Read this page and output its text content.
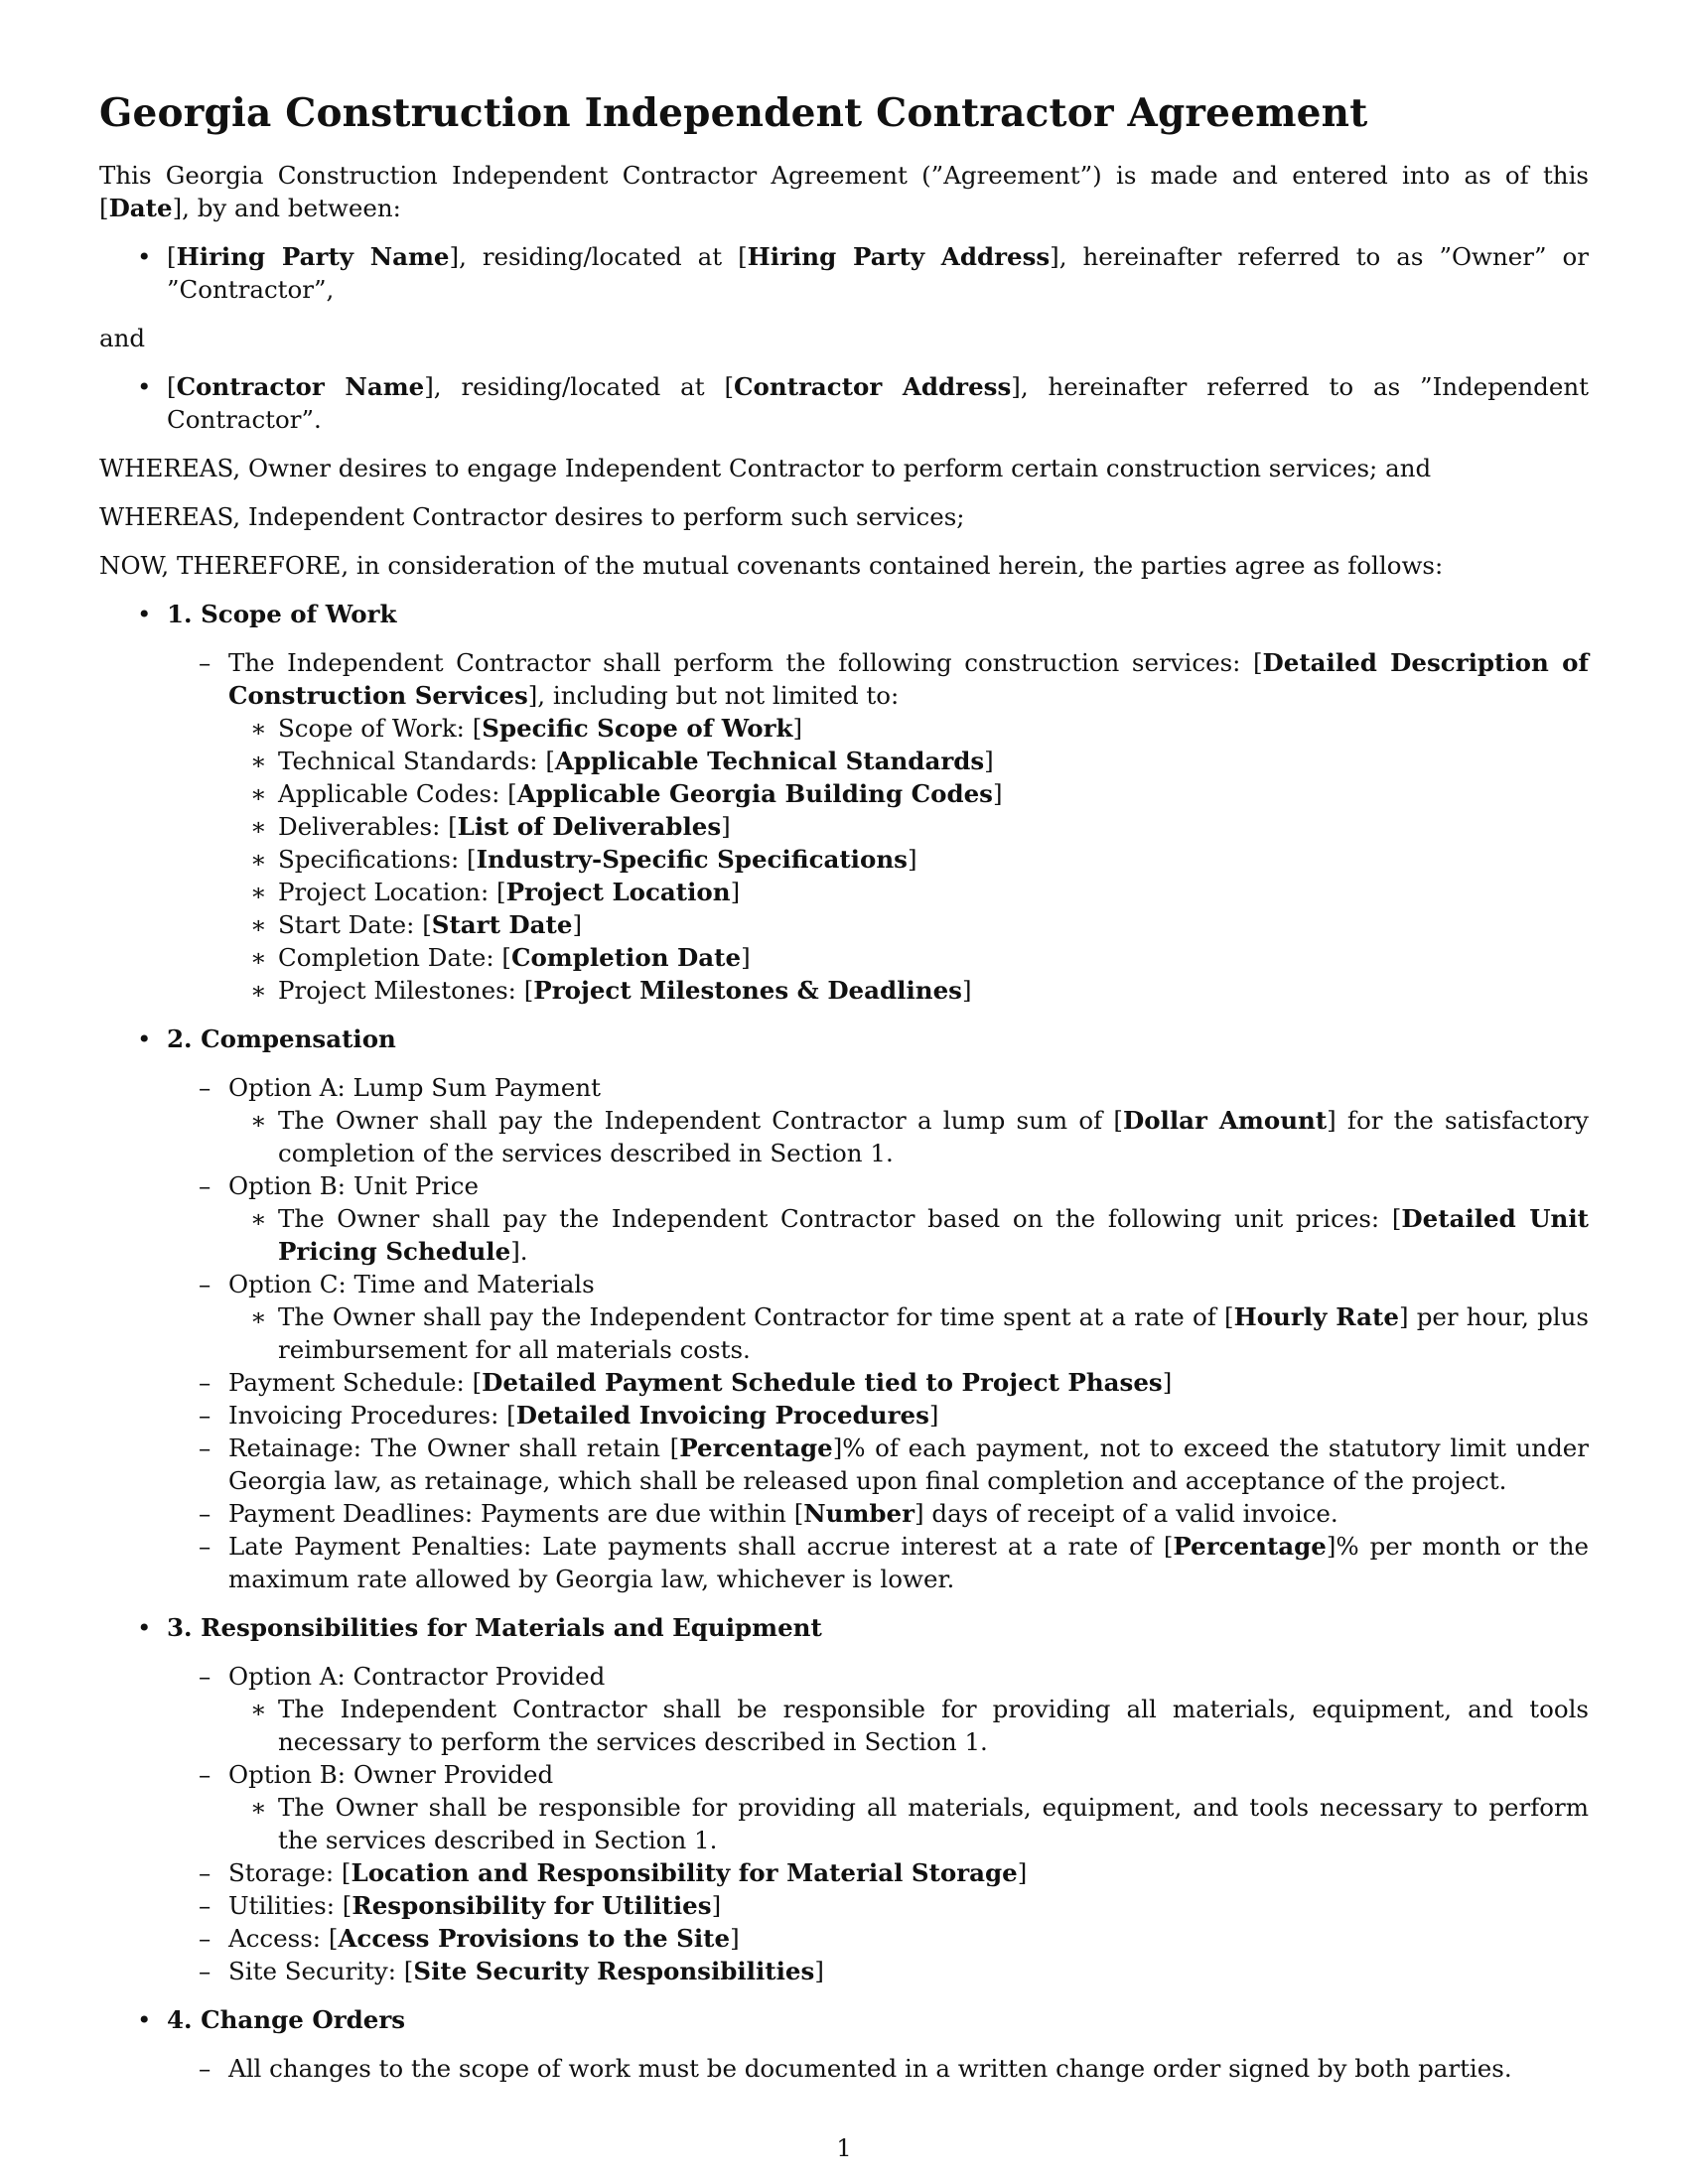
Georgia Construction Independent Contractor Agreement

This Georgia Construction Independent Contractor Agreement (”Agreement”) is made and entered into as of this [Date], by and between:

• [Hiring Party Name], residing/located at [Hiring Party Address], hereinafter referred to as ”Owner” or ”Contractor”,

and

• [Contractor Name], residing/located at [Contractor Address], hereinafter referred to as ”Independent Contractor”.

WHEREAS, Owner desires to engage Independent Contractor to perform certain construction services; and

WHEREAS, Independent Contractor desires to perform such services;

NOW, THEREFORE, in consideration of the mutual covenants contained herein, the parties agree as follows:

• 1. Scope of Work
– The Independent Contractor shall perform the following construction services: [Detailed Description of Construction Services], including but not limited to:
∗ Scope of Work: [Specific Scope of Work]
∗ Technical Standards: [Applicable Technical Standards]
∗ Applicable Codes: [Applicable Georgia Building Codes]
∗ Deliverables: [List of Deliverables]
∗ Specifications: [Industry-Specific Specifications]
∗ Project Location: [Project Location]
∗ Start Date: [Start Date]
∗ Completion Date: [Completion Date]
∗ Project Milestones: [Project Milestones & Deadlines]
• 2. Compensation
– Option A: Lump Sum Payment
∗ The Owner shall pay the Independent Contractor a lump sum of [Dollar Amount] for the satisfactory completion of the services described in Section 1.
– Option B: Unit Price
∗ The Owner shall pay the Independent Contractor based on the following unit prices: [Detailed Unit Pricing Schedule].
– Option C: Time and Materials
∗ The Owner shall pay the Independent Contractor for time spent at a rate of [Hourly Rate] per hour, plus reimbursement for all materials costs.
– Payment Schedule: [Detailed Payment Schedule tied to Project Phases]
– Invoicing Procedures: [Detailed Invoicing Procedures]
– Retainage: The Owner shall retain [Percentage]% of each payment, not to exceed the statutory limit under Georgia law, as retainage, which shall be released upon final completion and acceptance of the project.
– Payment Deadlines: Payments are due within [Number] days of receipt of a valid invoice.
– Late Payment Penalties: Late payments shall accrue interest at a rate of [Percentage]% per month or the maximum rate allowed by Georgia law, whichever is lower.
• 3. Responsibilities for Materials and Equipment
– Option A: Contractor Provided
∗ The Independent Contractor shall be responsible for providing all materials, equipment, and tools necessary to perform the services described in Section 1.
– Option B: Owner Provided
∗ The Owner shall be responsible for providing all materials, equipment, and tools necessary to perform the services described in Section 1.
– Storage: [Location and Responsibility for Material Storage]
– Utilities: [Responsibility for Utilities]
– Access: [Access Provisions to the Site]
– Site Security: [Site Security Responsibilities]
• 4. Change Orders
– All changes to the scope of work must be documented in a written change order signed by both parties.
1
